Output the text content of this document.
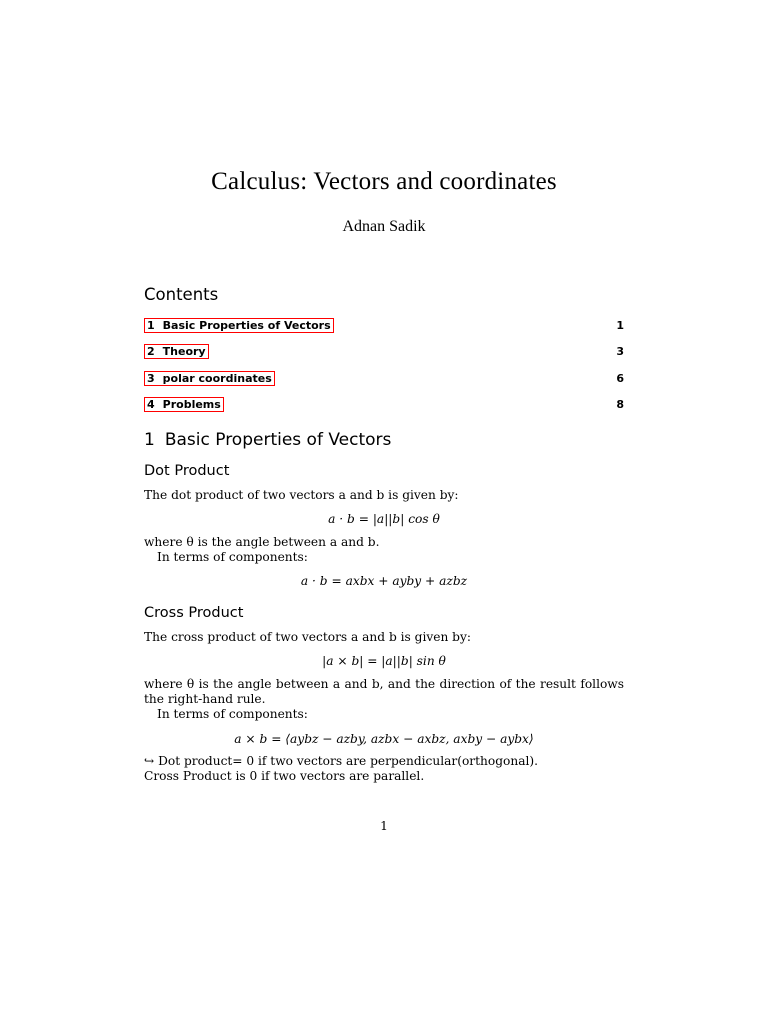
Calculus: Vectors and coordinates
Adnan Sadik
Contents
1 Basic Properties of Vectors	1
2 Theory	3
3 polar coordinates	6
4 Problems	8
1 Basic Properties of Vectors
Dot Product
The dot product of two vectors a and b is given by:
a · b = |a||b| cos θ
where θ is the angle between a and b.
In terms of components:
a · b = axbx + ayby + azbz
Cross Product
The cross product of two vectors a and b is given by:
|a × b| = |a||b| sin θ
where θ is the angle between a and b, and the direction of the result follows the right-hand rule.
In terms of components:
a × b = ⟨aybz − azby, azbx − axbz, axby − aybx⟩
↪ Dot product= 0 if two vectors are perpendicular(orthogonal).
Cross Product is 0 if two vectors are parallel.
1
